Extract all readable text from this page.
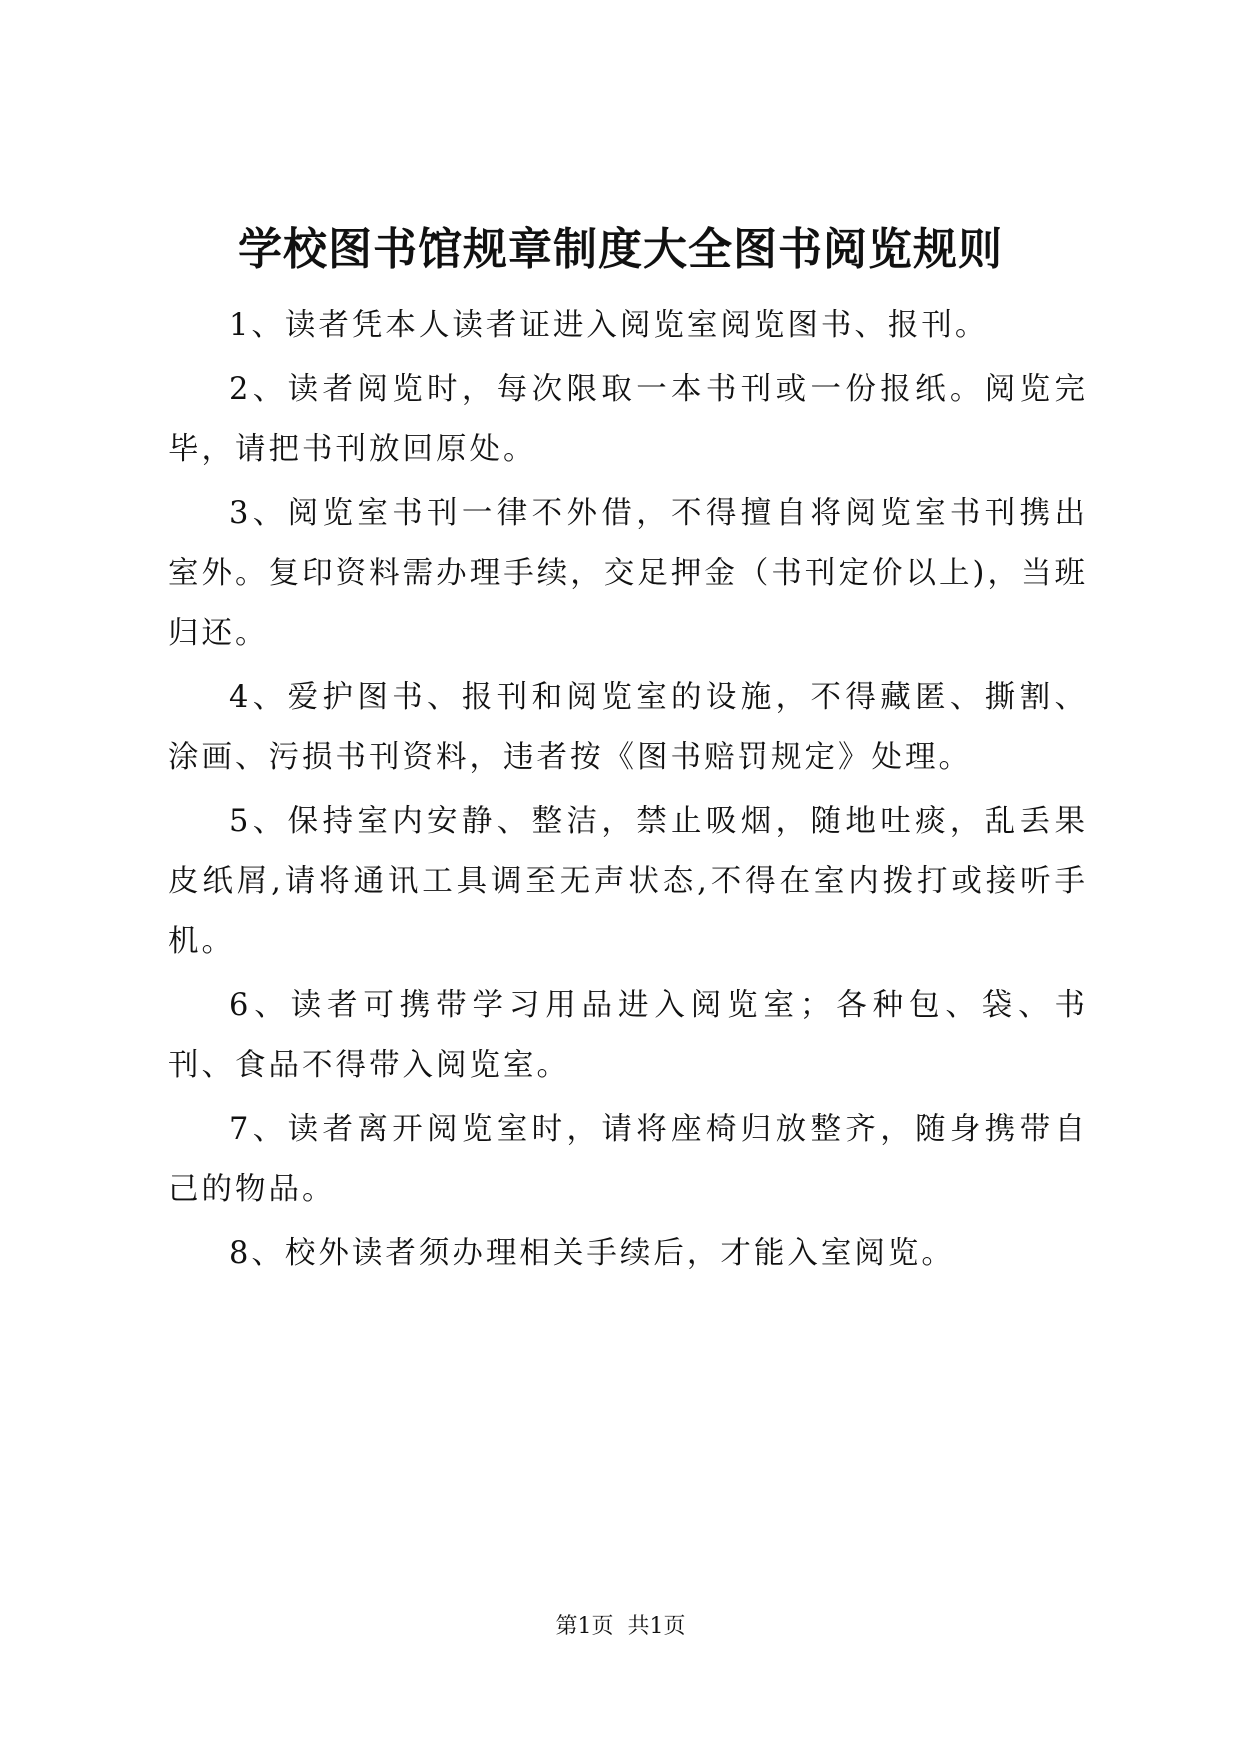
学校图书馆规章制度大全图书阅览规则

1、读者凭本人读者证进入阅览室阅览图书、报刊。

2、读者阅览时，每次限取一本书刊或一份报纸。阅览完毕，请把书刊放回原处。

3、阅览室书刊一律不外借，不得擅自将阅览室书刊携出室外。复印资料需办理手续，交足押金（书刊定价以上)，当班归还。

4、爱护图书、报刊和阅览室的设施，不得藏匿、撕割、涂画、污损书刊资料，违者按《图书赔罚规定》处理。

5、保持室内安静、整洁，禁止吸烟，随地吐痰，乱丢果皮纸屑,请将通讯工具调至无声状态,不得在室内拨打或接听手机。

6、读者可携带学习用品进入阅览室；各种包、袋、书刊、食品不得带入阅览室。

7、读者离开阅览室时，请将座椅归放整齐，随身携带自己的物品。

8、校外读者须办理相关手续后，才能入室阅览。

第1页 共1页
